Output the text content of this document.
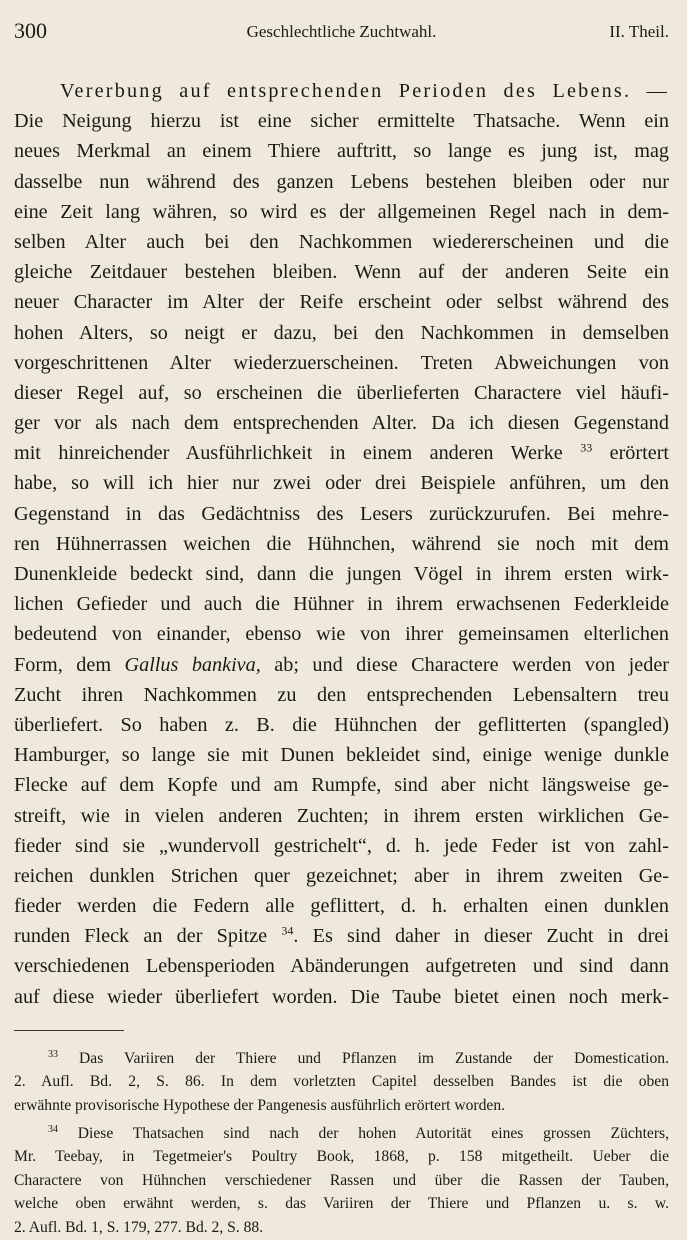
300	Geschlechtliche Zuchtwahl.	II. Theil.
Vererbung auf entsprechenden Perioden des Lebens. —
Die Neigung hierzu ist eine sicher ermittelte Thatsache. Wenn ein
neues Merkmal an einem Thiere auftritt, so lange es jung ist, mag
dasselbe nun während des ganzen Lebens bestehen bleiben oder nur
eine Zeit lang währen, so wird es der allgemeinen Regel nach in dem-
selben Alter auch bei den Nachkommen wiedererscheinen und die
gleiche Zeitdauer bestehen bleiben. Wenn auf der anderen Seite ein
neuer Character im Alter der Reife erscheint oder selbst während des
hohen Alters, so neigt er dazu, bei den Nachkommen in demselben
vorgeschrittenen Alter wiederzuerscheinen. Treten Abweichungen von
dieser Regel auf, so erscheinen die überlieferten Charactere viel häufi-
ger vor als nach dem entsprechenden Alter. Da ich diesen Gegenstand
mit hinreichender Ausführlichkeit in einem anderen Werke $^{33}$ erörtert
habe, so will ich hier nur zwei oder drei Beispiele anführen, um den
Gegenstand in das Gedächtniss des Lesers zurückzurufen. Bei mehre-
ren Hühnerrassen weichen die Hühnchen, während sie noch mit dem
Dunenkleide bedeckt sind, dann die jungen Vögel in ihrem ersten wirk-
lichen Gefieder und auch die Hühner in ihrem erwachsenen Federkleide
bedeutend von einander, ebenso wie von ihrer gemeinsamen elterlichen
Form, dem Gallus bankiva, ab; und diese Charactere werden von jeder
Zucht ihren Nachkommen zu den entsprechenden Lebensaltern treu
überliefert. So haben z. B. die Hühnchen der geflitterten (spangled)
Hamburger, so lange sie mit Dunen bekleidet sind, einige wenige dunkle
Flecke auf dem Kopfe und am Rumpfe, sind aber nicht längsweise ge-
streift, wie in vielen anderen Zuchten; in ihrem ersten wirklichen Ge-
fieder sind sie „wundervoll gestrichelt“, d. h. jede Feder ist von zahl-
reichen dunklen Strichen quer gezeichnet; aber in ihrem zweiten Ge-
fieder werden die Federn alle geflittert, d. h. erhalten einen dunklen
runden Fleck an der Spitze $^{34}$. Es sind daher in dieser Zucht in drei
verschiedenen Lebensperioden Abänderungen aufgetreten und sind dann
auf diese wieder überliefert worden. Die Taube bietet einen noch merk-
$^{33}$ Das Variiren der Thiere und Pflanzen im Zustande der Domestication.
2. Aufl. Bd. 2, S. 86. In dem vorletzten Capitel desselben Bandes ist die oben
erwähnte provisorische Hypothese der Pangenesis ausführlich erörtert worden.
$^{34}$ Diese Thatsachen sind nach der hohen Autorität eines grossen Züchters,
Mr. Teebay, in Tegetmeier's Poultry Book, 1868, p. 158 mitgetheilt. Ueber die
Charactere von Hühnchen verschiedener Rassen und über die Rassen der Tauben,
welche oben erwähnt werden, s. das Variiren der Thiere und Pflanzen u. s. w.
2. Aufl. Bd. 1, S. 179, 277. Bd. 2, S. 88.
